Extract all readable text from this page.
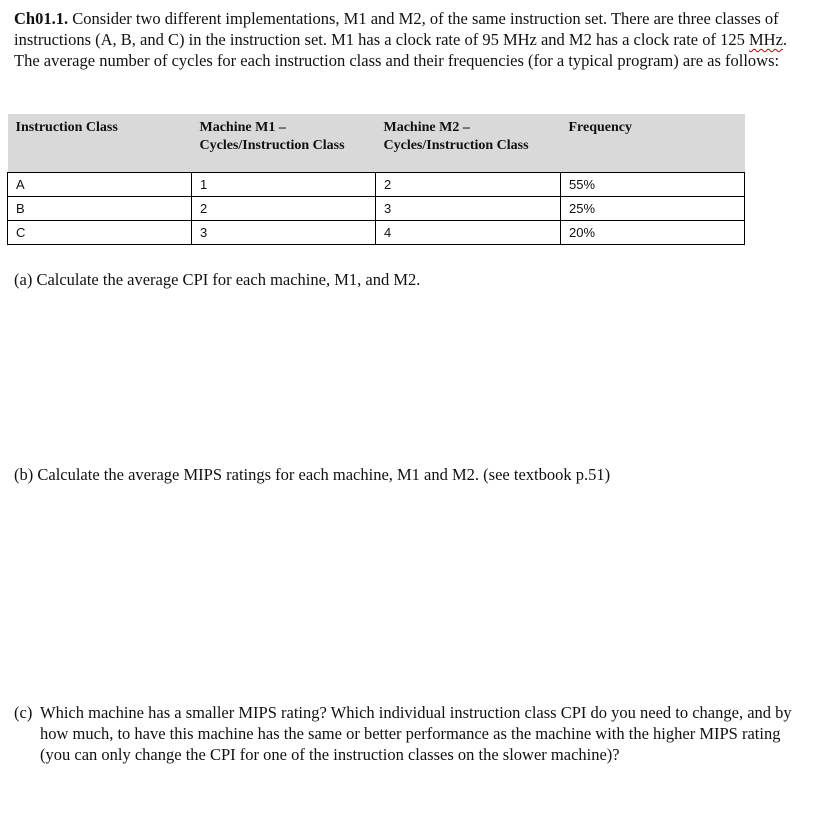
Ch01.1. Consider two different implementations, M1 and M2, of the same instruction set. There are three classes of instructions (A, B, and C) in the instruction set. M1 has a clock rate of 95 MHz and M2 has a clock rate of 125 MHz. The average number of cycles for each instruction class and their frequencies (for a typical program) are as follows:

Instruction Class	Machine M1 – Cycles/Instruction Class	Machine M2 – Cycles/Instruction Class	Frequency
A	1	2	55%
B	2	3	25%
C	3	4	20%

(a) Calculate the average CPI for each machine, M1, and M2.

(b) Calculate the average MIPS ratings for each machine, M1 and M2. (see textbook p.51)

(c) Which machine has a smaller MIPS rating? Which individual instruction class CPI do you need to change, and by how much, to have this machine has the same or better performance as the machine with the higher MIPS rating (you can only change the CPI for one of the instruction classes on the slower machine)?
